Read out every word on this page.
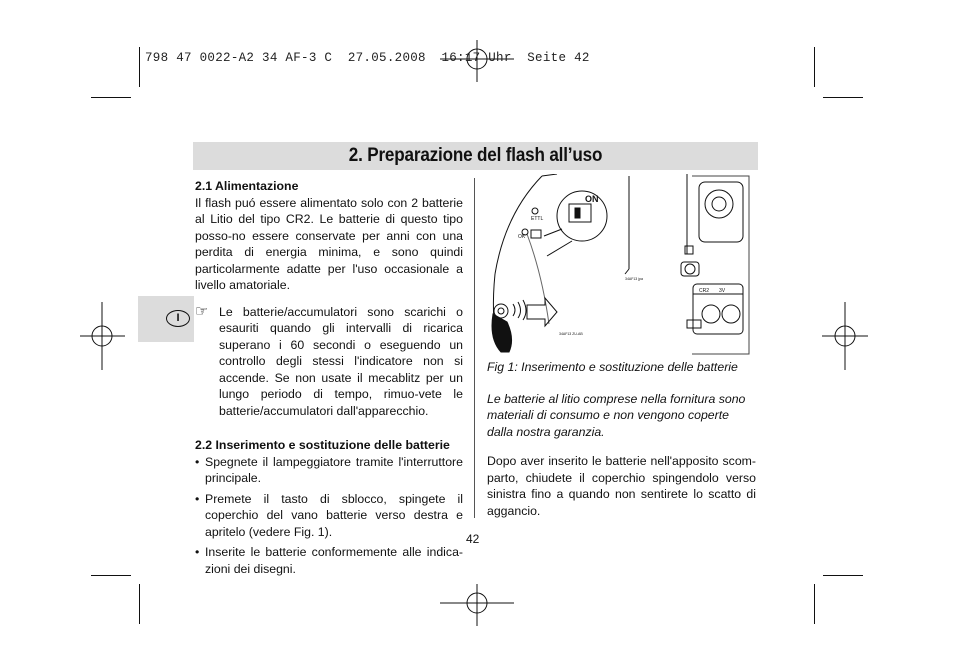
798 47 0022-A2 34 AF-3 C  27.05.2008  16:17 Uhr  Seite 42
2. Preparazione del flash all’uso
I

2.1 Alimentazione

Il flash puó essere alimentato solo con 2 batterie al Litio del tipo CR2. Le batterie di questo tipo posso-no essere conservate per anni con una perdita di energia minima, e sono quindi particolarmente adatte per l'uso occasionale a livello amatoriale.

☞ Le batterie/accumulatori sono scarichi o esauriti quando gli intervalli di ricarica superano i 60 secondi o eseguendo un controllo degli stessi l'indicatore non si accende. Se non usate il mecablitz per un lungo periodo di tempo, rimuo-vete le batterie/accumulatori dall'apparecchio.

2.2 Inserimento e sostituzione delle batterie

• Spegnete il lampeggiatore tramite l'interruttore principale.

• Premete il tasto di sblocco, spingete il coperchio del vano batterie verso destra e apritelo (vedere Fig. 1).

• Inserite le batterie conformemente alle indica-zioni dei disegni.

ON
ETTL
OK
CR2 3V
34AF13 ZU-AB
34AF13 jpa

Fig 1: Inserimento e sostituzione delle batterie

Le batterie al litio comprese nella fornitura sono materiali di consumo e non vengono coperte dalla nostra garanzia.

Dopo aver inserito le batterie nell'apposito scom-parto, chiudete il coperchio spingendolo verso sinistra fino a quando non sentirete lo scatto di aggancio.

42
